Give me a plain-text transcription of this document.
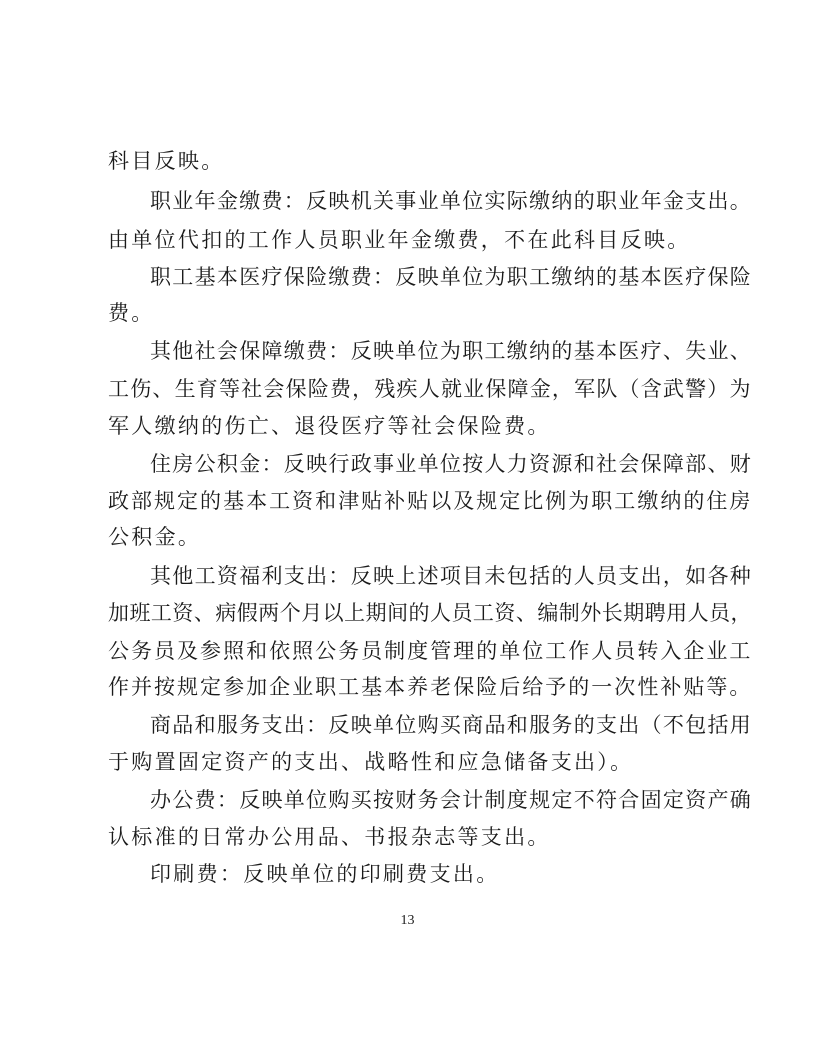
科目反映。
职业年金缴费：反映机关事业单位实际缴纳的职业年金支出。
由单位代扣的工作人员职业年金缴费，不在此科目反映。
职工基本医疗保险缴费：反映单位为职工缴纳的基本医疗保险
费。
其他社会保障缴费：反映单位为职工缴纳的基本医疗、失业、
工伤、生育等社会保险费，残疾人就业保障金，军队（含武警）为
军人缴纳的伤亡、退役医疗等社会保险费。
住房公积金：反映行政事业单位按人力资源和社会保障部、财
政部规定的基本工资和津贴补贴以及规定比例为职工缴纳的住房
公积金。
其他工资福利支出：反映上述项目未包括的人员支出，如各种
加班工资、病假两个月以上期间的人员工资、编制外长期聘用人员，
公务员及参照和依照公务员制度管理的单位工作人员转入企业工
作并按规定参加企业职工基本养老保险后给予的一次性补贴等。
商品和服务支出：反映单位购买商品和服务的支出（不包括用
于购置固定资产的支出、战略性和应急储备支出）。
办公费：反映单位购买按财务会计制度规定不符合固定资产确
认标准的日常办公用品、书报杂志等支出。
印刷费：反映单位的印刷费支出。
13
